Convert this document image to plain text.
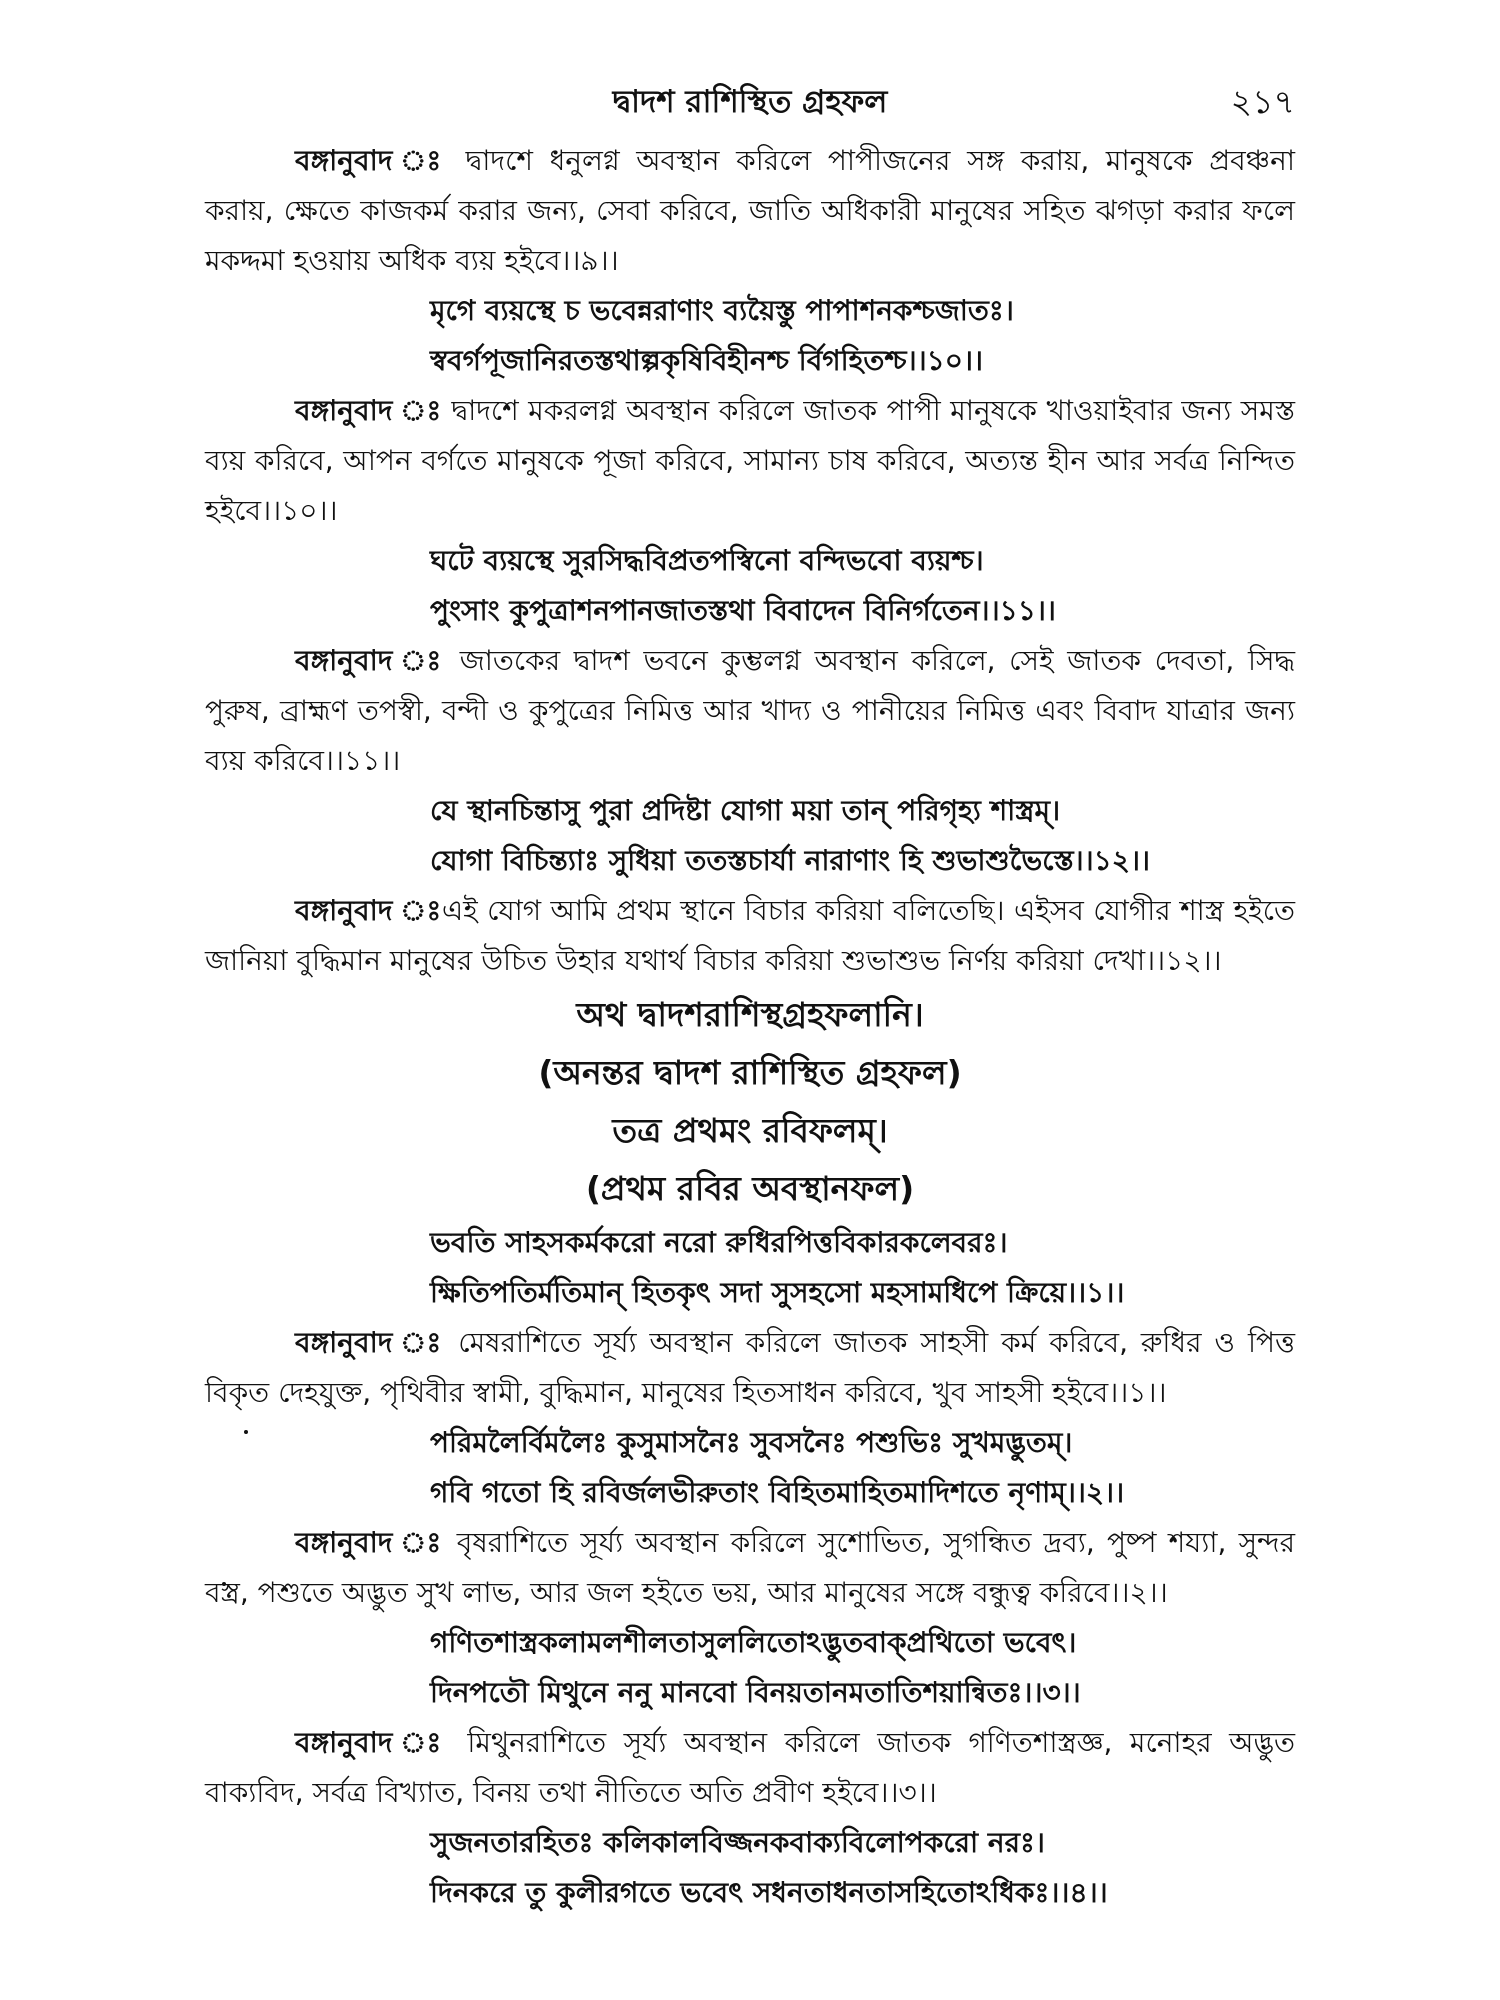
দ্বাদশ রাশিস্থিত গ্রহফল	২১৭

বঙ্গানুবাদ ঃ দ্বাদশে ধনুলগ্ন অবস্থান করিলে পাপীজনের সঙ্গ করায়, মানুষকে প্রবঞ্চনা করায়, ক্ষেতে কাজকর্ম করার জন্য, সেবা করিবে, জাতি অধিকারী মানুষের সহিত ঝগড়া করার ফলে মকদ্দমা হওয়ায় অধিক ব্যয় হইবে।।৯।।

মৃগে ব্যয়স্থে চ ভবেন্নরাণাং ব্যয়ৈস্তু পাপাশনকশ্চজাতঃ।

স্ববর্গপূজানিরতস্তথাল্পকৃষিবিহীনশ্চ র্বিগহিতশ্চ।।১০।।

বঙ্গানুবাদ ঃ দ্বাদশে মকরলগ্ন অবস্থান করিলে জাতক পাপী মানুষকে খাওয়াইবার জন্য সমস্ত ব্যয় করিবে, আপন বর্গতে মানুষকে পূজা করিবে, সামান্য চাষ করিবে, অত্যন্ত হীন আর সর্বত্র নিন্দিত হইবে।।১০।।

ঘটে ব্যয়স্থে সুরসিদ্ধবিপ্রতপস্বিনো বন্দিভবো ব্যয়শ্চ।

পুংসাং কুপুত্রাশনপানজাতস্তথা বিবাদেন বিনির্গতেন।।১১।।

বঙ্গানুবাদ ঃ জাতকের দ্বাদশ ভবনে কুম্ভলগ্ন অবস্থান করিলে, সেই জাতক দেবতা, সিদ্ধ পুরুষ, ব্রাহ্মণ তপস্বী, বন্দী ও কুপুত্রের নিমিত্ত আর খাদ্য ও পানীয়ের নিমিত্ত এবং বিবাদ যাত্রার জন্য ব্যয় করিবে।।১১।।

যে স্থানচিন্তাসু পুরা প্রদিষ্টা যোগা ময়া তান্ পরিগৃহ্য শাস্ত্রম্।

যোগা বিচিন্ত্যাঃ সুধিয়া ততস্তচার্যা নারাণাং হি শুভাশুভৈস্তে।।১২।।

বঙ্গানুবাদ ঃএই যোগ আমি প্রথম স্থানে বিচার করিয়া বলিতেছি। এইসব যোগীর শাস্ত্র হইতে জানিয়া বুদ্ধিমান মানুষের উচিত উহার যথার্থ বিচার করিয়া শুভাশুভ নির্ণয় করিয়া দেখা।।১২।।

অথ দ্বাদশরাশিস্থগ্রহফলানি।

(অনন্তর দ্বাদশ রাশিস্থিত গ্রহফল)

তত্র প্রথমং রবিফলম্।

(প্রথম রবির অবস্থানফল)

ভবতি সাহসকর্মকরো নরো রুধিরপিত্তবিকারকলেবরঃ।

ক্ষিতিপতির্মতিমান্ হিতকৃৎ সদা সুসহসো মহসামধিপে ক্রিয়ে।।১।।

বঙ্গানুবাদ ঃ মেষরাশিতে সূর্য্য অবস্থান করিলে জাতক সাহসী কর্ম করিবে, রুধির ও পিত্ত বিকৃত দেহযুক্ত, পৃথিবীর স্বামী, বুদ্ধিমান, মানুষের হিতসাধন করিবে, খুব সাহসী হইবে।।১।।

পরিমলৈর্বিমলৈঃ কুসুমাসনৈঃ সুবসনৈঃ পশুভিঃ সুখমদ্ভুতম্।

গবি গতো হি রবির্জলভীরুতাং বিহিতমাহিতমাদিশতে নৃণাম্।।২।।

বঙ্গানুবাদ ঃ বৃষরাশিতে সূর্য্য অবস্থান করিলে সুশোভিত, সুগন্ধিত দ্রব্য, পুষ্প শয্যা, সুন্দর বস্ত্র, পশুতে অদ্ভুত সুখ লাভ, আর জল হইতে ভয়, আর মানুষের সঙ্গে বন্ধুত্ব করিবে।।২।।

গণিতশাস্ত্রকলামলশীলতাসুললিতোঽদ্ভুতবাক্প্রথিতো ভবেৎ।

দিনপতৌ মিথুনে ননু মানবো বিনয়তানমতাতিশয়ান্বিতঃ।।৩।।

বঙ্গানুবাদ ঃ মিথুনরাশিতে সূর্য্য অবস্থান করিলে জাতক গণিতশাস্ত্রজ্ঞ, মনোহর অদ্ভুত বাক্যবিদ, সর্বত্র বিখ্যাত, বিনয় তথা নীতিতে অতি প্রবীণ হইবে।।৩।।

সুজনতারহিতঃ কলিকালবিজ্জনকবাক্যবিলোপকরো নরঃ।

দিনকরে তু কুলীরগতে ভবেৎ সধনতাধনতাসহিতোঽধিকঃ।।৪।।
